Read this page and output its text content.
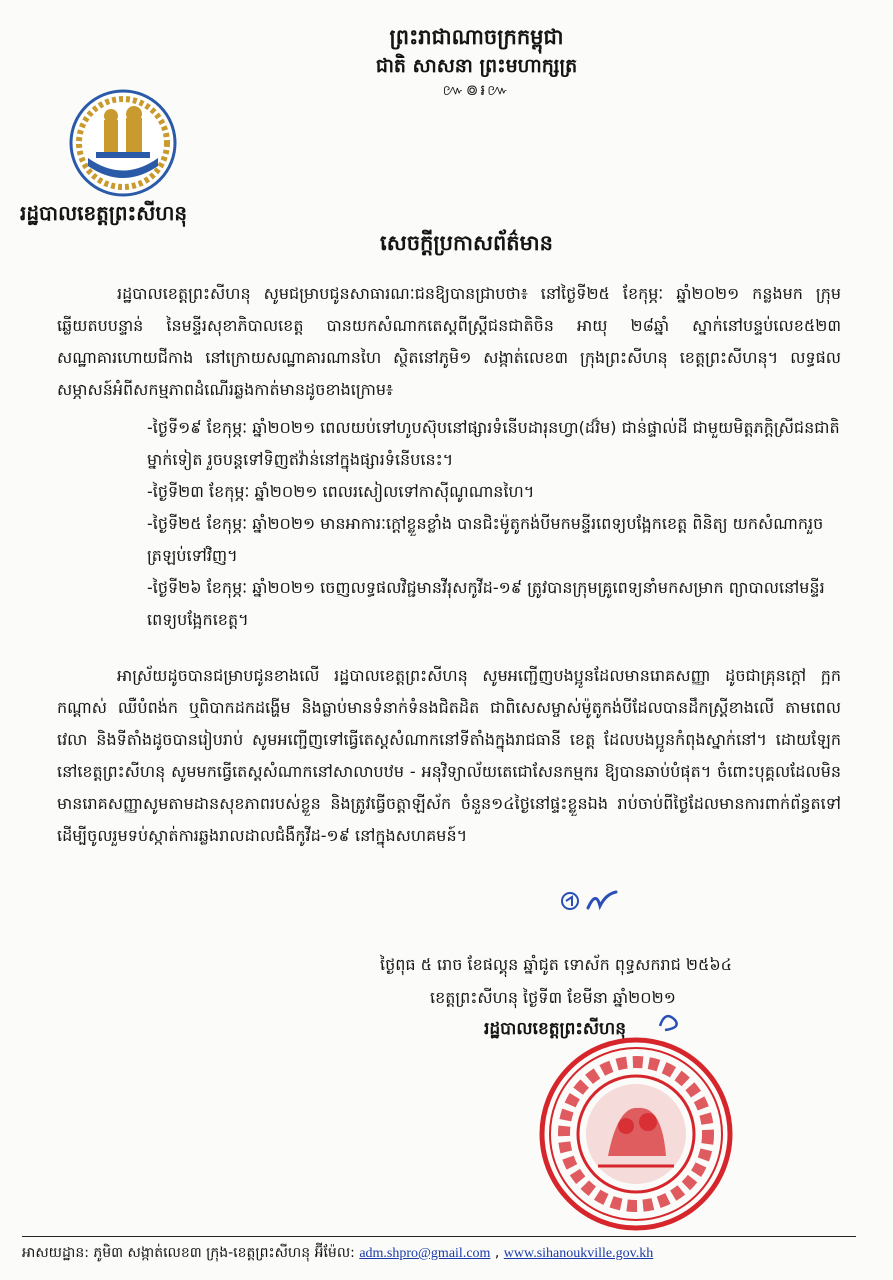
ព្រះរាជាណាចក្រកម្ពុជា
ជាតិ សាសនា ព្រះមហាក្សត្រ
៚៙៛៚
រដ្ឋបាលខេត្តព្រះសីហនុ
សេចក្តីប្រកាសព័ត៌មាន

រដ្ឋបាលខេត្តព្រះសីហនុ សូមជម្រាបជូនសាធារណៈជនឱ្យបានជ្រាបថា៖ នៅថ្ងៃទី២៥ ខែកុម្ភៈ ឆ្នាំ២០២១ កន្លងមក ក្រុមឆ្លើយតបបន្ទាន់ នៃមន្ទីរសុខាភិបាលខេត្ត បានយកសំណាកតេស្តពីស្ត្រីជនជាតិចិន អាយុ ២៨ឆ្នាំ ស្នាក់នៅបន្ទប់លេខ៥២៣ សណ្ឋាគារហោយជីកាង នៅក្រោយសណ្ឋាគារណានហៃ ស្ថិតនៅភូមិ១ សង្កាត់លេខ៣ ក្រុងព្រះសីហនុ ខេត្តព្រះសីហនុ។ លទ្ធផលសម្ភាសន៍អំពីសកម្មភាពដំណើរឆ្លងកាត់មានដូចខាងក្រោម៖

-ថ្ងៃទី១៩ ខែកុម្ភៈ ឆ្នាំ២០២១ ពេលយប់ទៅហូបស៊ុបនៅផ្សារទំនើបដារុនហ្វា(ដវ៏ម) ជាន់ផ្ទាល់ដី ជាមួយមិត្តភក្តិស្រីជនជាតិម្នាក់ទៀត រួចបន្តទៅទិញឥវ៉ាន់នៅក្នុងផ្សារទំនើបនេះ។
-ថ្ងៃទី២៣ ខែកុម្ភៈ ឆ្នាំ២០២១ ពេលរសៀលទៅកាស៊ីណូណានហៃ។
-ថ្ងៃទី២៥ ខែកុម្ភៈ ឆ្នាំ២០២១ មានអាការៈក្តៅខ្លួនខ្លាំង បានជិះម៉ូតូកង់បីមកមន្ទីរពេទ្យបង្អែកខេត្ត ពិនិត្យ យកសំណាករួចត្រឡប់ទៅវិញ។
-ថ្ងៃទី២៦ ខែកុម្ភៈ ឆ្នាំ២០២១ ចេញលទ្ធផលវិជ្ជមានវីរុសកូវីដ-១៩ ត្រូវបានក្រុមគ្រូពេទ្យនាំមកសម្រាក ព្យាបាលនៅមន្ទីរពេទ្យបង្អែកខេត្ត។

អាស្រ័យដូចបានជម្រាបជូនខាងលើ រដ្ឋបាលខេត្តព្រះសីហនុ សូមអញ្ជើញបងប្អូនដែលមានរោគសញ្ញា ដូចជាគ្រុនក្តៅ ក្អក កណ្តាស់ ឈឺបំពង់ក ឬពិបាកដកដង្ហើម និងធ្លាប់មានទំនាក់ទំនងជិតដិត ជាពិសេសម្ចាស់ម៉ូតូកង់បីដែលបានដឹកស្ត្រីខាងលើ តាមពេលវេលា និងទីតាំងដូចបានរៀបរាប់ សូមអញ្ជើញទៅធ្វើតេស្តសំណាកនៅទីតាំងក្នុងរាជធានី ខេត្ត ដែលបងប្អូនកំពុងស្នាក់នៅ។ ដោយឡែកនៅខេត្តព្រះសីហនុ សូមមកធ្វើតេស្តសំណាកនៅសាលាបឋម - អនុវិទ្យាល័យតេជោសែនកម្មករ ឱ្យបានឆាប់បំផុត។ ចំពោះបុគ្គលដែលមិនមានរោគសញ្ញាសូមតាមដានសុខភាពរបស់ខ្លួន និងត្រូវធ្វើចត្តាឡីស័ក ចំនួន១៤ថ្ងៃនៅផ្ទះខ្លួនឯង រាប់ចាប់ពីថ្ងៃដែលមានការពាក់ព័ន្ធតទៅ ដើម្បីចូលរួមទប់ស្កាត់ការឆ្លងរាលដាលជំងឺកូវីដ-១៩ នៅក្នុងសហគមន៍។

ថ្ងៃពុធ ៥ រោច ខែផល្គុន ឆ្នាំជូត ទោស័ក ពុទ្ធសករាជ ២៥៦៤
ខេត្តព្រះសីហនុ ថ្ងៃទី៣ ខែមីនា ឆ្នាំ២០២១
រដ្ឋបាលខេត្តព្រះសីហនុ
អាសយដ្ឋាន: ភូមិ៣ សង្កាត់លេខ៣ ក្រុង-ខេត្តព្រះសីហនុ អ៊ីម៉ែល: adm.shpro@gmail.com , www.sihanoukville.gov.kh
